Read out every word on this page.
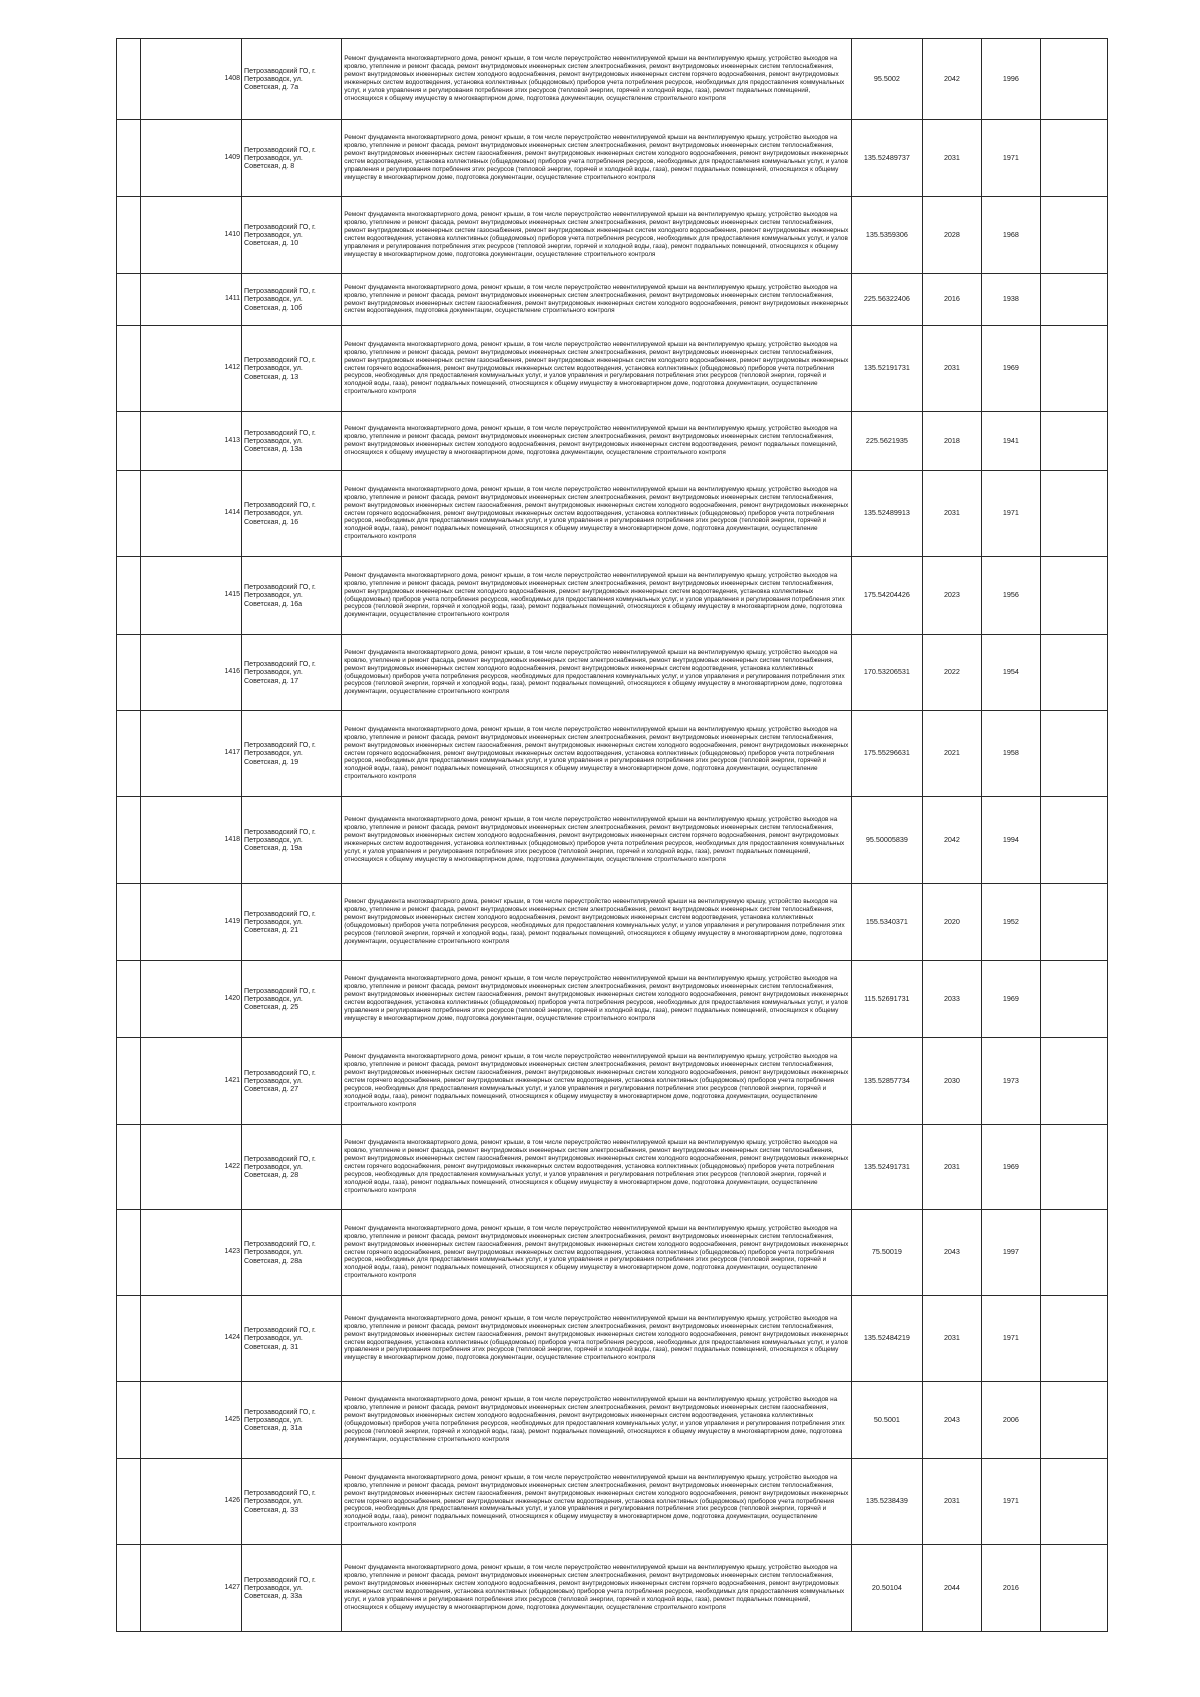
	1408	Петрозаводский ГО, г. Петрозаводск, ул. Советская, д. 7а	Ремонт фундамента многоквартирного дома, ремонт крыши, в том числе переустройство невентилируемой крыши на вентилируемую крышу, устройство выходов на кровлю, утепление и ремонт фасада, ремонт внутридомовых инженерных систем электроснабжения, ремонт внутридомовых инженерных систем теплоснабжения, ремонт внутридомовых инженерных систем холодного водоснабжения, ремонт внутридомовых инженерных систем горячего водоснабжения, ремонт внутридомовых инженерных систем водоотведения, установка коллективных (общедомовых) приборов учета потребления ресурсов, необходимых для предоставления коммунальных услуг, и узлов управления и регулирования потребления этих ресурсов (тепловой энергии, горячей и холодной воды, газа), ремонт подвальных помещений, относящихся к общему имуществу в многоквартирном доме, подготовка документации, осуществление строительного контроля	95.5002	2042	1996	
	1409	Петрозаводский ГО, г. Петрозаводск, ул. Советская, д. 8	Ремонт фундамента многоквартирного дома, ремонт крыши, в том числе переустройство невентилируемой крыши на вентилируемую крышу, устройство выходов на кровлю, утепление и ремонт фасада, ремонт внутридомовых инженерных систем электроснабжения, ремонт внутридомовых инженерных систем теплоснабжения, ремонт внутридомовых инженерных систем газоснабжения, ремонт внутридомовых инженерных систем холодного водоснабжения, ремонт внутридомовых инженерных систем водоотведения, установка коллективных (общедомовых) приборов учета потребления ресурсов, необходимых для предоставления коммунальных услуг, и узлов управления и регулирования потребления этих ресурсов (тепловой энергии, горячей и холодной воды, газа), ремонт подвальных помещений, относящихся к общему имуществу в многоквартирном доме, подготовка документации, осуществление строительного контроля	135.52489737	2031	1971	
	1410	Петрозаводский ГО, г. Петрозаводск, ул. Советская, д. 10	Ремонт фундамента многоквартирного дома, ремонт крыши, в том числе переустройство невентилируемой крыши на вентилируемую крышу, устройство выходов на кровлю, утепление и ремонт фасада, ремонт внутридомовых инженерных систем электроснабжения, ремонт внутридомовых инженерных систем теплоснабжения, ремонт внутридомовых инженерных систем газоснабжения, ремонт внутридомовых инженерных систем холодного водоснабжения, ремонт внутридомовых инженерных систем водоотведения, установка коллективных (общедомовых) приборов учета потребления ресурсов, необходимых для предоставления коммунальных услуг, и узлов управления и регулирования потребления этих ресурсов (тепловой энергии, горячей и холодной воды, газа), ремонт подвальных помещений, относящихся к общему имуществу в многоквартирном доме, подготовка документации, осуществление строительного контроля	135.5359306	2028	1968	
	1411	Петрозаводский ГО, г. Петрозаводск, ул. Советская, д. 10б	Ремонт фундамента многоквартирного дома, ремонт крыши, в том числе переустройство невентилируемой крыши на вентилируемую крышу, устройство выходов на кровлю, утепление и ремонт фасада, ремонт внутридомовых инженерных систем электроснабжения, ремонт внутридомовых инженерных систем теплоснабжения, ремонт внутридомовых инженерных систем газоснабжения, ремонт внутридомовых инженерных систем холодного водоснабжения, ремонт внутридомовых инженерных систем водоотведения, подготовка документации, осуществление строительного контроля	225.56322406	2016	1938	
	1412	Петрозаводский ГО, г. Петрозаводск, ул. Советская, д. 13	Ремонт фундамента многоквартирного дома, ремонт крыши, в том числе переустройство невентилируемой крыши на вентилируемую крышу, устройство выходов на кровлю, утепление и ремонт фасада, ремонт внутридомовых инженерных систем электроснабжения, ремонт внутридомовых инженерных систем теплоснабжения, ремонт внутридомовых инженерных систем газоснабжения, ремонт внутридомовых инженерных систем холодного водоснабжения, ремонт внутридомовых инженерных систем горячего водоснабжения, ремонт внутридомовых инженерных систем водоотведения, установка коллективных (общедомовых) приборов учета потребления ресурсов, необходимых для предоставления коммунальных услуг, и узлов управления и регулирования потребления этих ресурсов (тепловой энергии, горячей и холодной воды, газа), ремонт подвальных помещений, относящихся к общему имуществу в многоквартирном доме, подготовка документации, осуществление строительного контроля	135.52191731	2031	1969	
	1413	Петрозаводский ГО, г. Петрозаводск, ул. Советская, д. 13а	Ремонт фундамента многоквартирного дома, ремонт крыши, в том числе переустройство невентилируемой крыши на вентилируемую крышу, устройство выходов на кровлю, утепление и ремонт фасада, ремонт внутридомовых инженерных систем электроснабжения, ремонт внутридомовых инженерных систем теплоснабжения, ремонт внутридомовых инженерных систем холодного водоснабжения, ремонт внутридомовых инженерных систем водоотведения, ремонт подвальных помещений, относящихся к общему имуществу в многоквартирном доме, подготовка документации, осуществление строительного контроля	225.5621935	2018	1941	
	1414	Петрозаводский ГО, г. Петрозаводск, ул. Советская, д. 16	Ремонт фундамента многоквартирного дома, ремонт крыши, в том числе переустройство невентилируемой крыши на вентилируемую крышу, устройство выходов на кровлю, утепление и ремонт фасада, ремонт внутридомовых инженерных систем электроснабжения, ремонт внутридомовых инженерных систем теплоснабжения, ремонт внутридомовых инженерных систем газоснабжения, ремонт внутридомовых инженерных систем холодного водоснабжения, ремонт внутридомовых инженерных систем горячего водоснабжения, ремонт внутридомовых инженерных систем водоотведения, установка коллективных (общедомовых) приборов учета потребления ресурсов, необходимых для предоставления коммунальных услуг, и узлов управления и регулирования потребления этих ресурсов (тепловой энергии, горячей и холодной воды, газа), ремонт подвальных помещений, относящихся к общему имуществу в многоквартирном доме, подготовка документации, осуществление строительного контроля	135.52489913	2031	1971	
	1415	Петрозаводский ГО, г. Петрозаводск, ул. Советская, д. 16а	Ремонт фундамента многоквартирного дома, ремонт крыши, в том числе переустройство невентилируемой крыши на вентилируемую крышу, устройство выходов на кровлю, утепление и ремонт фасада, ремонт внутридомовых инженерных систем электроснабжения, ремонт внутридомовых инженерных систем теплоснабжения, ремонт внутридомовых инженерных систем холодного водоснабжения, ремонт внутридомовых инженерных систем водоотведения, установка коллективных (общедомовых) приборов учета потребления ресурсов, необходимых для предоставления коммунальных услуг, и узлов управления и регулирования потребления этих ресурсов (тепловой энергии, горячей и холодной воды, газа), ремонт подвальных помещений, относящихся к общему имуществу в многоквартирном доме, подготовка документации, осуществление строительного контроля	175.54204426	2023	1956	
	1416	Петрозаводский ГО, г. Петрозаводск, ул. Советская, д. 17	Ремонт фундамента многоквартирного дома, ремонт крыши, в том числе переустройство невентилируемой крыши на вентилируемую крышу, устройство выходов на кровлю, утепление и ремонт фасада, ремонт внутридомовых инженерных систем электроснабжения, ремонт внутридомовых инженерных систем теплоснабжения, ремонт внутридомовых инженерных систем холодного водоснабжения, ремонт внутридомовых инженерных систем водоотведения, установка коллективных (общедомовых) приборов учета потребления ресурсов, необходимых для предоставления коммунальных услуг, и узлов управления и регулирования потребления этих ресурсов (тепловой энергии, горячей и холодной воды, газа), ремонт подвальных помещений, относящихся к общему имуществу в многоквартирном доме, подготовка документации, осуществление строительного контроля	170.53206531	2022	1954	
	1417	Петрозаводский ГО, г. Петрозаводск, ул. Советская, д. 19	Ремонт фундамента многоквартирного дома, ремонт крыши, в том числе переустройство невентилируемой крыши на вентилируемую крышу, устройство выходов на кровлю, утепление и ремонт фасада, ремонт внутридомовых инженерных систем электроснабжения, ремонт внутридомовых инженерных систем теплоснабжения, ремонт внутридомовых инженерных систем газоснабжения, ремонт внутридомовых инженерных систем холодного водоснабжения, ремонт внутридомовых инженерных систем горячего водоснабжения, ремонт внутридомовых инженерных систем водоотведения, установка коллективных (общедомовых) приборов учета потребления ресурсов, необходимых для предоставления коммунальных услуг, и узлов управления и регулирования потребления этих ресурсов (тепловой энергии, горячей и холодной воды, газа), ремонт подвальных помещений, относящихся к общему имуществу в многоквартирном доме, подготовка документации, осуществление строительного контроля	175.55296631	2021	1958	
	1418	Петрозаводский ГО, г. Петрозаводск, ул. Советская, д. 19а	Ремонт фундамента многоквартирного дома, ремонт крыши, в том числе переустройство невентилируемой крыши на вентилируемую крышу, устройство выходов на кровлю, утепление и ремонт фасада, ремонт внутридомовых инженерных систем электроснабжения, ремонт внутридомовых инженерных систем теплоснабжения, ремонт внутридомовых инженерных систем холодного водоснабжения, ремонт внутридомовых инженерных систем горячего водоснабжения, ремонт внутридомовых инженерных систем водоотведения, установка коллективных (общедомовых) приборов учета потребления ресурсов, необходимых для предоставления коммунальных услуг, и узлов управления и регулирования потребления этих ресурсов (тепловой энергии, горячей и холодной воды, газа), ремонт подвальных помещений, относящихся к общему имуществу в многоквартирном доме, подготовка документации, осуществление строительного контроля	95.50005839	2042	1994	
	1419	Петрозаводский ГО, г. Петрозаводск, ул. Советская, д. 21	Ремонт фундамента многоквартирного дома, ремонт крыши, в том числе переустройство невентилируемой крыши на вентилируемую крышу, устройство выходов на кровлю, утепление и ремонт фасада, ремонт внутридомовых инженерных систем электроснабжения, ремонт внутридомовых инженерных систем теплоснабжения, ремонт внутридомовых инженерных систем холодного водоснабжения, ремонт внутридомовых инженерных систем водоотведения, установка коллективных (общедомовых) приборов учета потребления ресурсов, необходимых для предоставления коммунальных услуг, и узлов управления и регулирования потребления этих ресурсов (тепловой энергии, горячей и холодной воды, газа), ремонт подвальных помещений, относящихся к общему имуществу в многоквартирном доме, подготовка документации, осуществление строительного контроля	155.5340371	2020	1952	
	1420	Петрозаводский ГО, г. Петрозаводск, ул. Советская, д. 25	Ремонт фундамента многоквартирного дома, ремонт крыши, в том числе переустройство невентилируемой крыши на вентилируемую крышу, устройство выходов на кровлю, утепление и ремонт фасада, ремонт внутридомовых инженерных систем электроснабжения, ремонт внутридомовых инженерных систем теплоснабжения, ремонт внутридомовых инженерных систем газоснабжения, ремонт внутридомовых инженерных систем холодного водоснабжения, ремонт внутридомовых инженерных систем водоотведения, установка коллективных (общедомовых) приборов учета потребления ресурсов, необходимых для предоставления коммунальных услуг, и узлов управления и регулирования потребления этих ресурсов (тепловой энергии, горячей и холодной воды, газа), ремонт подвальных помещений, относящихся к общему имуществу в многоквартирном доме, подготовка документации, осуществление строительного контроля	115.52691731	2033	1969	
	1421	Петрозаводский ГО, г. Петрозаводск, ул. Советская, д. 27	Ремонт фундамента многоквартирного дома, ремонт крыши, в том числе переустройство невентилируемой крыши на вентилируемую крышу, устройство выходов на кровлю, утепление и ремонт фасада, ремонт внутридомовых инженерных систем электроснабжения, ремонт внутридомовых инженерных систем теплоснабжения, ремонт внутридомовых инженерных систем газоснабжения, ремонт внутридомовых инженерных систем холодного водоснабжения, ремонт внутридомовых инженерных систем горячего водоснабжения, ремонт внутридомовых инженерных систем водоотведения, установка коллективных (общедомовых) приборов учета потребления ресурсов, необходимых для предоставления коммунальных услуг, и узлов управления и регулирования потребления этих ресурсов (тепловой энергии, горячей и холодной воды, газа), ремонт подвальных помещений, относящихся к общему имуществу в многоквартирном доме, подготовка документации, осуществление строительного контроля	135.52857734	2030	1973	
	1422	Петрозаводский ГО, г. Петрозаводск, ул. Советская, д. 28	Ремонт фундамента многоквартирного дома, ремонт крыши, в том числе переустройство невентилируемой крыши на вентилируемую крышу, устройство выходов на кровлю, утепление и ремонт фасада, ремонт внутридомовых инженерных систем электроснабжения, ремонт внутридомовых инженерных систем теплоснабжения, ремонт внутридомовых инженерных систем газоснабжения, ремонт внутридомовых инженерных систем холодного водоснабжения, ремонт внутридомовых инженерных систем горячего водоснабжения, ремонт внутридомовых инженерных систем водоотведения, установка коллективных (общедомовых) приборов учета потребления ресурсов, необходимых для предоставления коммунальных услуг, и узлов управления и регулирования потребления этих ресурсов (тепловой энергии, горячей и холодной воды, газа), ремонт подвальных помещений, относящихся к общему имуществу в многоквартирном доме, подготовка документации, осуществление строительного контроля	135.52491731	2031	1969	
	1423	Петрозаводский ГО, г. Петрозаводск, ул. Советская, д. 28а	Ремонт фундамента многоквартирного дома, ремонт крыши, в том числе переустройство невентилируемой крыши на вентилируемую крышу, устройство выходов на кровлю, утепление и ремонт фасада, ремонт внутридомовых инженерных систем электроснабжения, ремонт внутридомовых инженерных систем теплоснабжения, ремонт внутридомовых инженерных систем газоснабжения, ремонт внутридомовых инженерных систем холодного водоснабжения, ремонт внутридомовых инженерных систем горячего водоснабжения, ремонт внутридомовых инженерных систем водоотведения, установка коллективных (общедомовых) приборов учета потребления ресурсов, необходимых для предоставления коммунальных услуг, и узлов управления и регулирования потребления этих ресурсов (тепловой энергии, горячей и холодной воды, газа), ремонт подвальных помещений, относящихся к общему имуществу в многоквартирном доме, подготовка документации, осуществление строительного контроля	75.50019	2043	1997	
	1424	Петрозаводский ГО, г. Петрозаводск, ул. Советская, д. 31	Ремонт фундамента многоквартирного дома, ремонт крыши, в том числе переустройство невентилируемой крыши на вентилируемую крышу, устройство выходов на кровлю, утепление и ремонт фасада, ремонт внутридомовых инженерных систем электроснабжения, ремонт внутридомовых инженерных систем теплоснабжения, ремонт внутридомовых инженерных систем газоснабжения, ремонт внутридомовых инженерных систем холодного водоснабжения, ремонт внутридомовых инженерных систем водоотведения, установка коллективных (общедомовых) приборов учета потребления ресурсов, необходимых для предоставления коммунальных услуг, и узлов управления и регулирования потребления этих ресурсов (тепловой энергии, горячей и холодной воды, газа), ремонт подвальных помещений, относящихся к общему имуществу в многоквартирном доме, подготовка документации, осуществление строительного контроля	135.52484219	2031	1971	
	1425	Петрозаводский ГО, г. Петрозаводск, ул. Советская, д. 31а	Ремонт фундамента многоквартирного дома, ремонт крыши, в том числе переустройство невентилируемой крыши на вентилируемую крышу, устройство выходов на кровлю, утепление и ремонт фасада, ремонт внутридомовых инженерных систем электроснабжения, ремонт внутридомовых инженерных систем газоснабжения, ремонт внутридомовых инженерных систем холодного водоснабжения, ремонт внутридомовых инженерных систем водоотведения, установка коллективных (общедомовых) приборов учета потребления ресурсов, необходимых для предоставления коммунальных услуг, и узлов управления и регулирования потребления этих ресурсов (тепловой энергии, горячей и холодной воды, газа), ремонт подвальных помещений, относящихся к общему имуществу в многоквартирном доме, подготовка документации, осуществление строительного контроля	50.5001	2043	2006	
	1426	Петрозаводский ГО, г. Петрозаводск, ул. Советская, д. 33	Ремонт фундамента многоквартирного дома, ремонт крыши, в том числе переустройство невентилируемой крыши на вентилируемую крышу, устройство выходов на кровлю, утепление и ремонт фасада, ремонт внутридомовых инженерных систем электроснабжения, ремонт внутридомовых инженерных систем теплоснабжения, ремонт внутридомовых инженерных систем газоснабжения, ремонт внутридомовых инженерных систем холодного водоснабжения, ремонт внутридомовых инженерных систем горячего водоснабжения, ремонт внутридомовых инженерных систем водоотведения, установка коллективных (общедомовых) приборов учета потребления ресурсов, необходимых для предоставления коммунальных услуг, и узлов управления и регулирования потребления этих ресурсов (тепловой энергии, горячей и холодной воды, газа), ремонт подвальных помещений, относящихся к общему имуществу в многоквартирном доме, подготовка документации, осуществление строительного контроля	135.5238439	2031	1971	
	1427	Петрозаводский ГО, г. Петрозаводск, ул. Советская, д. 33а	Ремонт фундамента многоквартирного дома, ремонт крыши, в том числе переустройство невентилируемой крыши на вентилируемую крышу, устройство выходов на кровлю, утепление и ремонт фасада, ремонт внутридомовых инженерных систем электроснабжения, ремонт внутридомовых инженерных систем теплоснабжения, ремонт внутридомовых инженерных систем холодного водоснабжения, ремонт внутридомовых инженерных систем горячего водоснабжения, ремонт внутридомовых инженерных систем водоотведения, установка коллективных (общедомовых) приборов учета потребления ресурсов, необходимых для предоставления коммунальных услуг, и узлов управления и регулирования потребления этих ресурсов (тепловой энергии, горячей и холодной воды, газа), ремонт подвальных помещений, относящихся к общему имуществу в многоквартирном доме, подготовка документации, осуществление строительного контроля	20.50104	2044	2016	
